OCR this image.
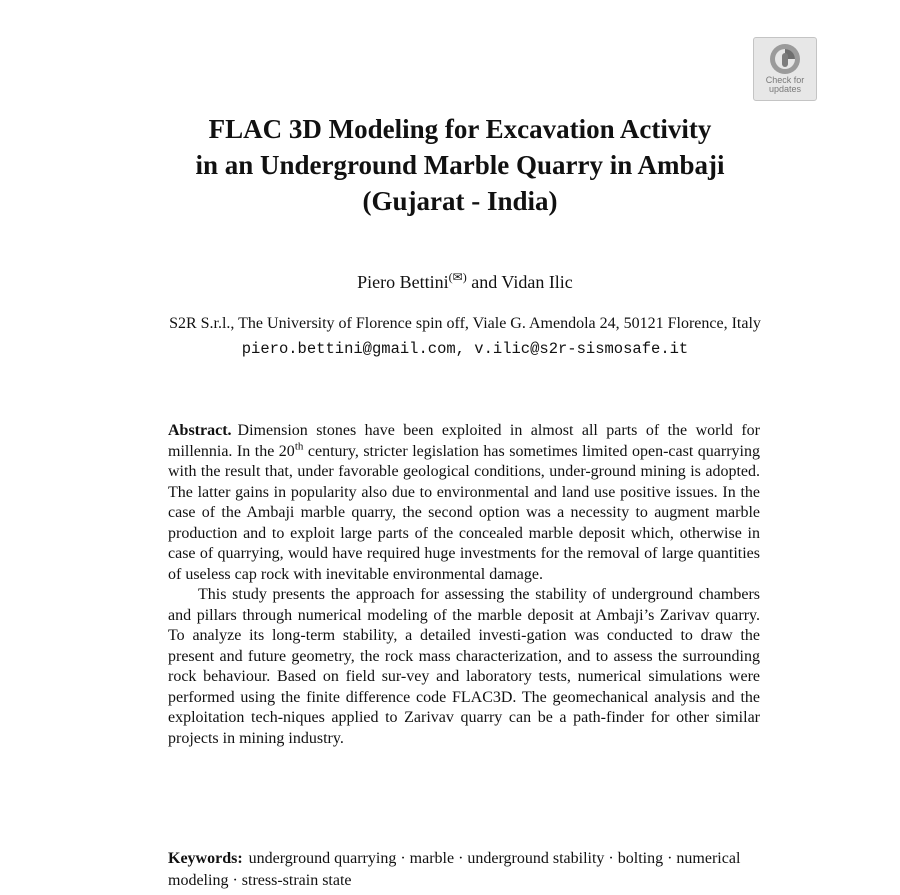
Check for
updates
FLAC 3D Modeling for Excavation Activity
in an Underground Marble Quarry in Ambaji
(Gujarat - India)
Piero Bettini(✉) and Vidan Ilic
S2R S.r.l., The University of Florence spin off, Viale G. Amendola 24, 50121 Florence, Italy
piero.bettini@gmail.com, v.ilic@s2r-sismosafe.it

Abstract. Dimension stones have been exploited in almost all parts of the world for millennia. In the 20th century, stricter legislation has sometimes limited open-cast quarrying with the result that, under favorable geological conditions, under-ground mining is adopted. The latter gains in popularity also due to environmental and land use positive issues. In the case of the Ambaji marble quarry, the second option was a necessity to augment marble production and to exploit large parts of the concealed marble deposit which, otherwise in case of quarrying, would have required huge investments for the removal of large quantities of useless cap rock with inevitable environmental damage.

This study presents the approach for assessing the stability of underground chambers and pillars through numerical modeling of the marble deposit at Ambaji’s Zarivav quarry. To analyze its long-term stability, a detailed investi-gation was conducted to draw the present and future geometry, the rock mass characterization, and to assess the surrounding rock behaviour. Based on field sur-vey and laboratory tests, numerical simulations were performed using the finite difference code FLAC3D. The geomechanical analysis and the exploitation tech-niques applied to Zarivav quarry can be a path-finder for other similar projects in mining industry.

Keywords: underground quarrying · marble · underground stability · bolting · numerical modeling · stress-strain state
